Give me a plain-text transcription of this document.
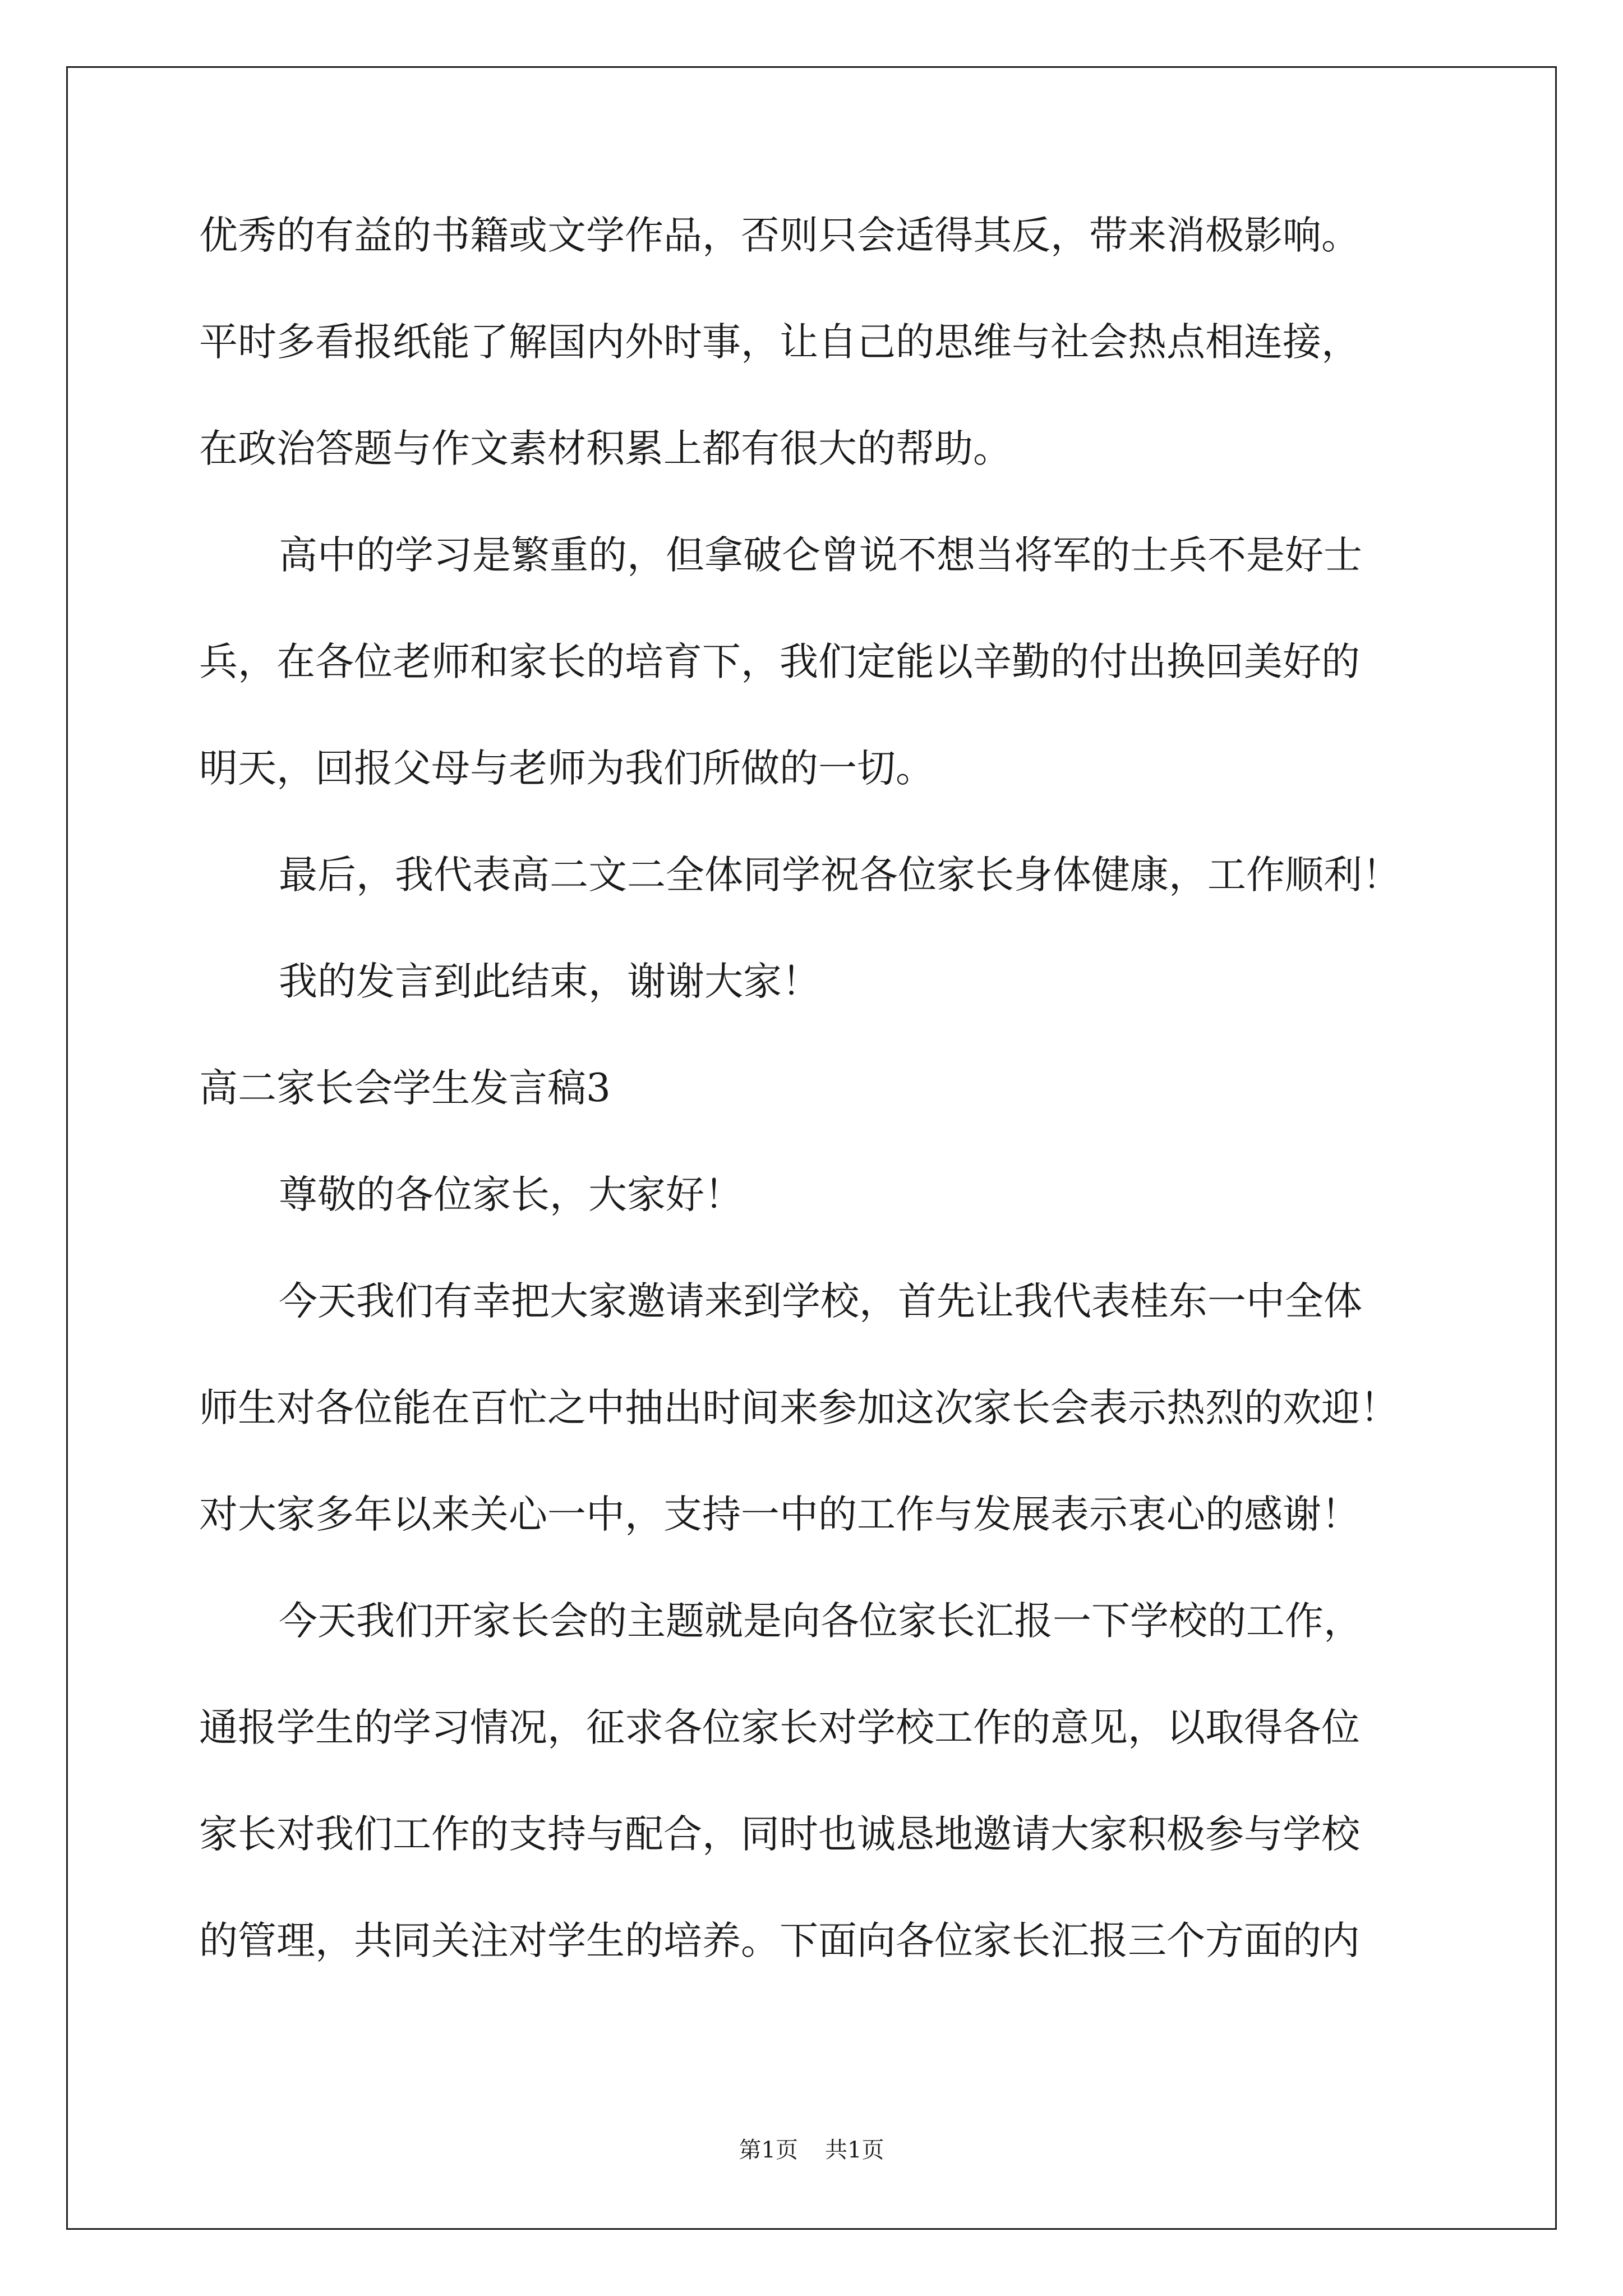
优秀的有益的书籍或文学作品，否则只会适得其反，带来消极影响。
平时多看报纸能了解国内外时事，让自己的思维与社会热点相连接，
在政治答题与作文素材积累上都有很大的帮助。
高中的学习是繁重的，但拿破仑曾说不想当将军的士兵不是好士
兵，在各位老师和家长的培育下，我们定能以辛勤的付出换回美好的
明天，回报父母与老师为我们所做的一切。
最后，我代表高二文二全体同学祝各位家长身体健康，工作顺利！
我的发言到此结束，谢谢大家！
高二家长会学生发言稿3
尊敬的各位家长，大家好！
今天我们有幸把大家邀请来到学校，首先让我代表桂东一中全体
师生对各位能在百忙之中抽出时间来参加这次家长会表示热烈的欢迎！
对大家多年以来关心一中，支持一中的工作与发展表示衷心的感谢！
今天我们开家长会的主题就是向各位家长汇报一下学校的工作，
通报学生的学习情况，征求各位家长对学校工作的意见，以取得各位
家长对我们工作的支持与配合，同时也诚恳地邀请大家积极参与学校
的管理，共同关注对学生的培养。下面向各位家长汇报三个方面的内
第1页 共1页
